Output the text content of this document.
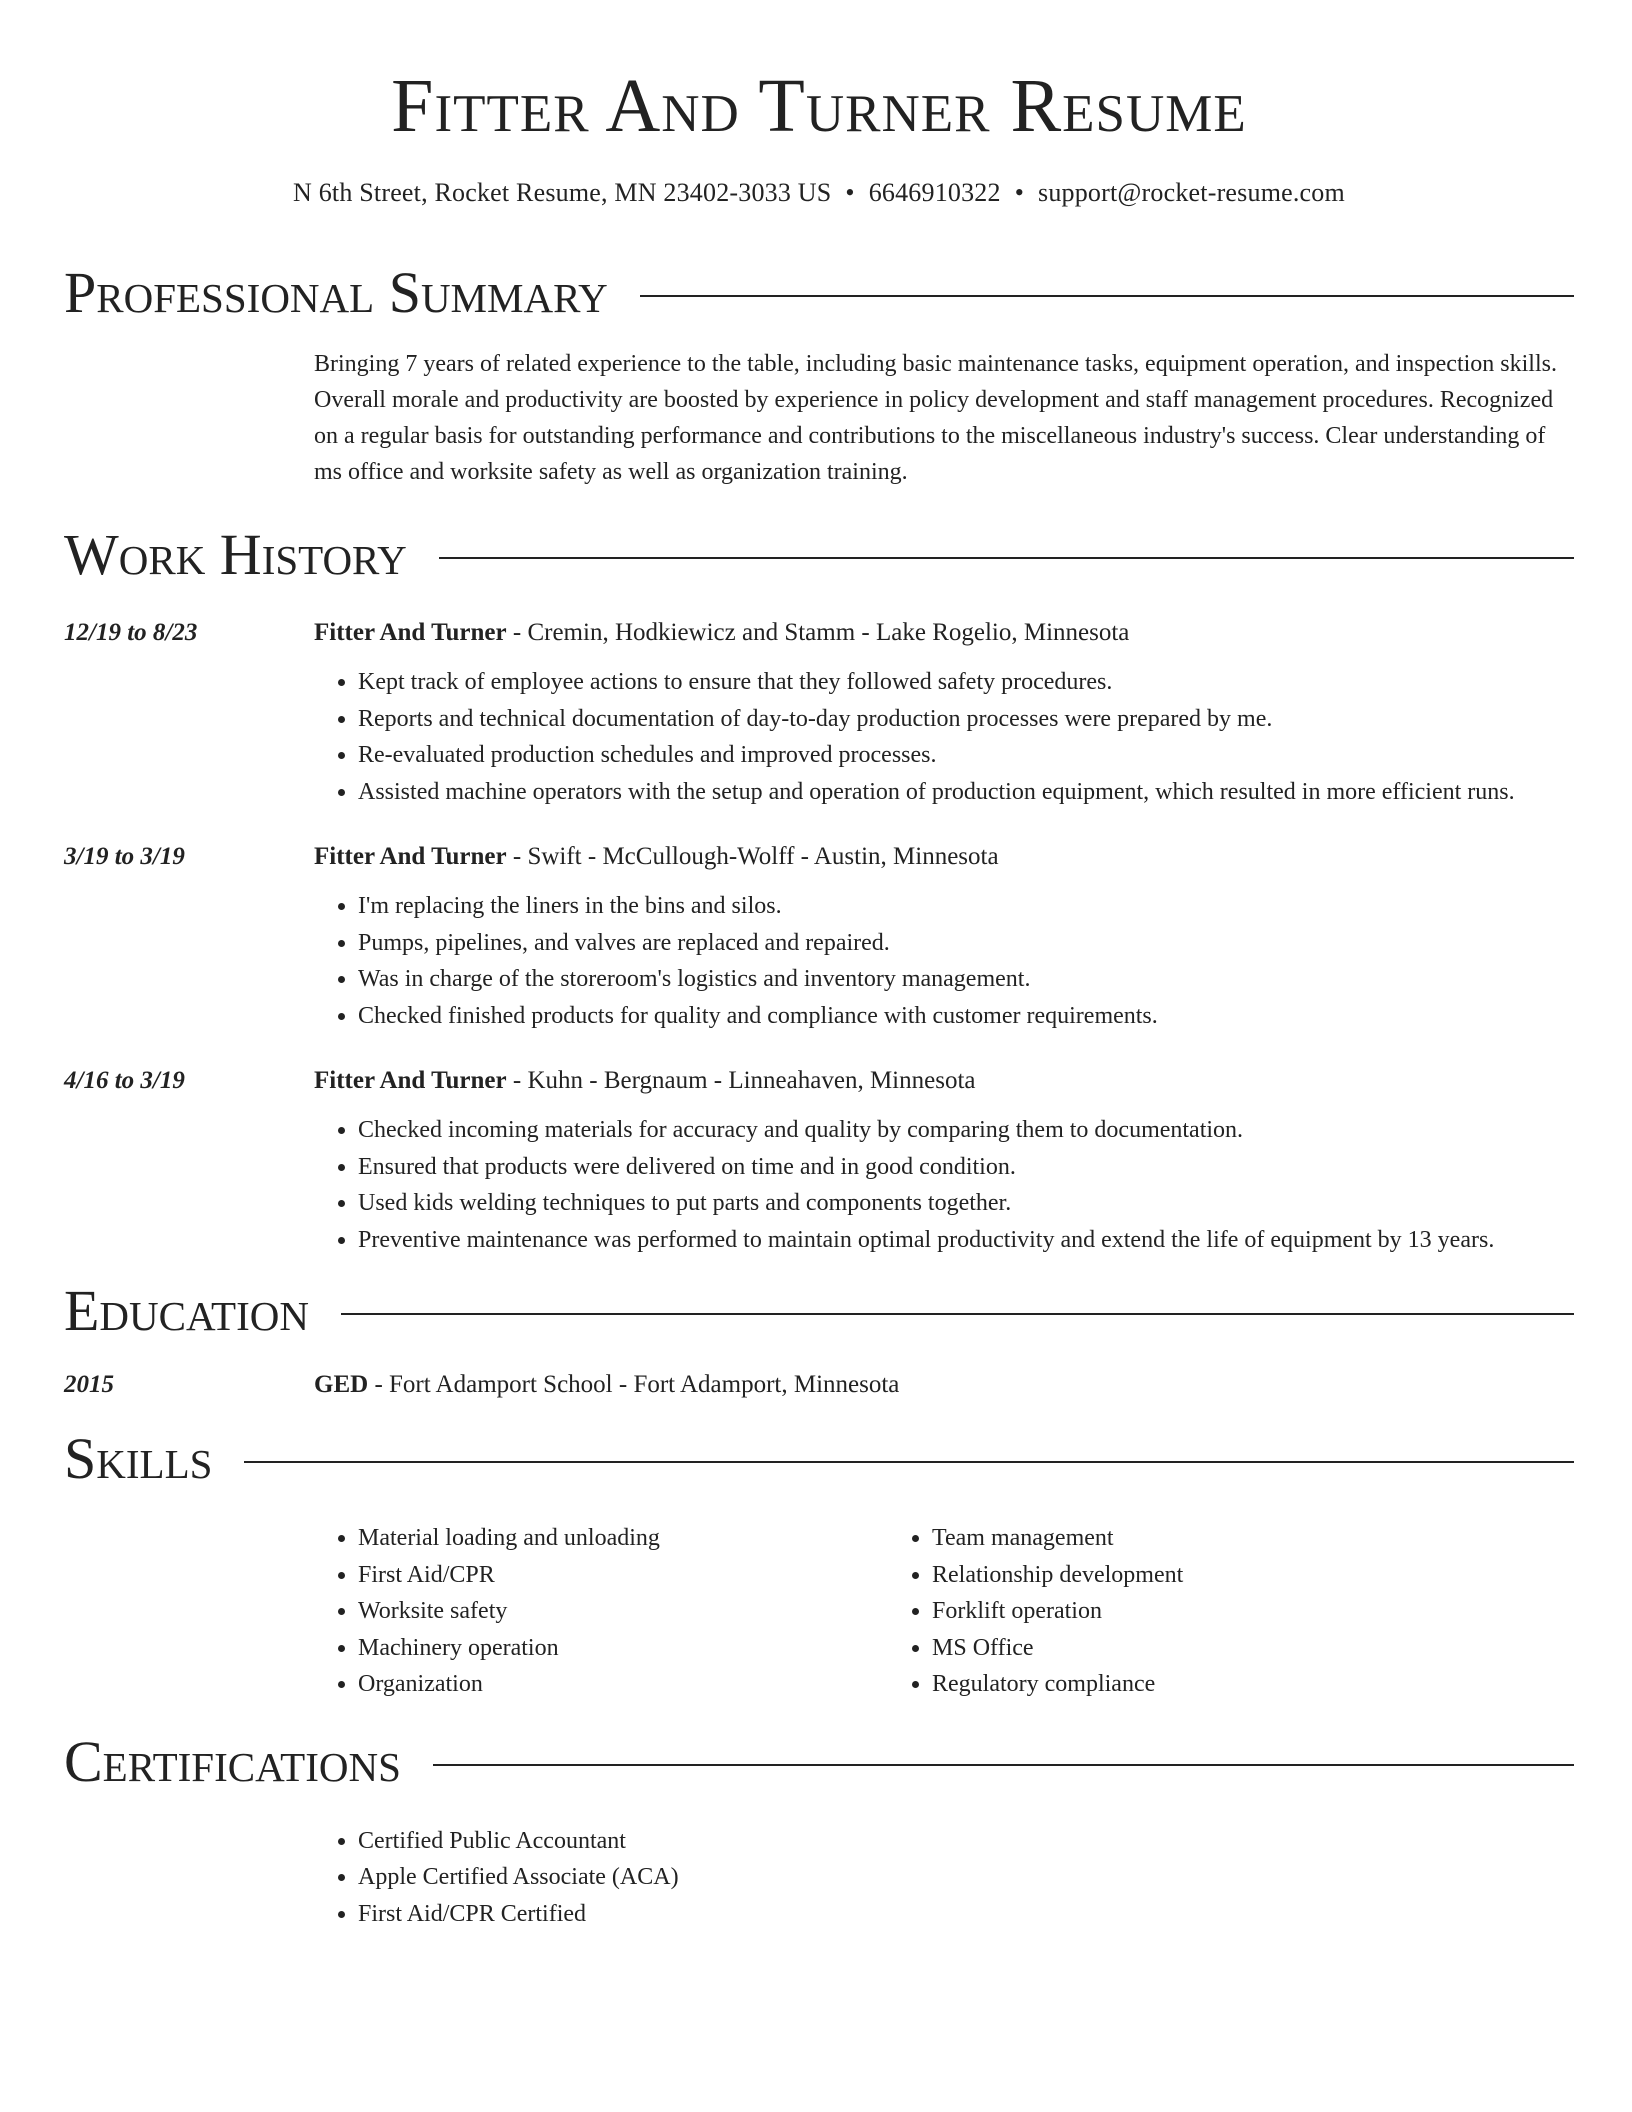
Fitter And Turner Resume
N 6th Street, Rocket Resume, MN 23402-3033 US • 6646910322 • support@rocket-resume.com
Professional Summary
Bringing 7 years of related experience to the table, including basic maintenance tasks, equipment operation, and inspection skills. Overall morale and productivity are boosted by experience in policy development and staff management procedures. Recognized on a regular basis for outstanding performance and contributions to the miscellaneous industry's success. Clear understanding of ms office and worksite safety as well as organization training.
Work History
12/19 to 8/23	Fitter And Turner - Cremin, Hodkiewicz and Stamm - Lake Rogelio, Minnesota
• Kept track of employee actions to ensure that they followed safety procedures.
• Reports and technical documentation of day-to-day production processes were prepared by me.
• Re-evaluated production schedules and improved processes.
• Assisted machine operators with the setup and operation of production equipment, which resulted in more efficient runs.
3/19 to 3/19	Fitter And Turner - Swift - McCullough-Wolff - Austin, Minnesota
• I'm replacing the liners in the bins and silos.
• Pumps, pipelines, and valves are replaced and repaired.
• Was in charge of the storeroom's logistics and inventory management.
• Checked finished products for quality and compliance with customer requirements.
4/16 to 3/19	Fitter And Turner - Kuhn - Bergnaum - Linneahaven, Minnesota
• Checked incoming materials for accuracy and quality by comparing them to documentation.
• Ensured that products were delivered on time and in good condition.
• Used kids welding techniques to put parts and components together.
• Preventive maintenance was performed to maintain optimal productivity and extend the life of equipment by 13 years.
Education
2015	GED - Fort Adamport School - Fort Adamport, Minnesota
Skills
• Material loading and unloading
• First Aid/CPR
• Worksite safety
• Machinery operation
• Organization
• Team management
• Relationship development
• Forklift operation
• MS Office
• Regulatory compliance
Certifications
• Certified Public Accountant
• Apple Certified Associate (ACA)
• First Aid/CPR Certified
